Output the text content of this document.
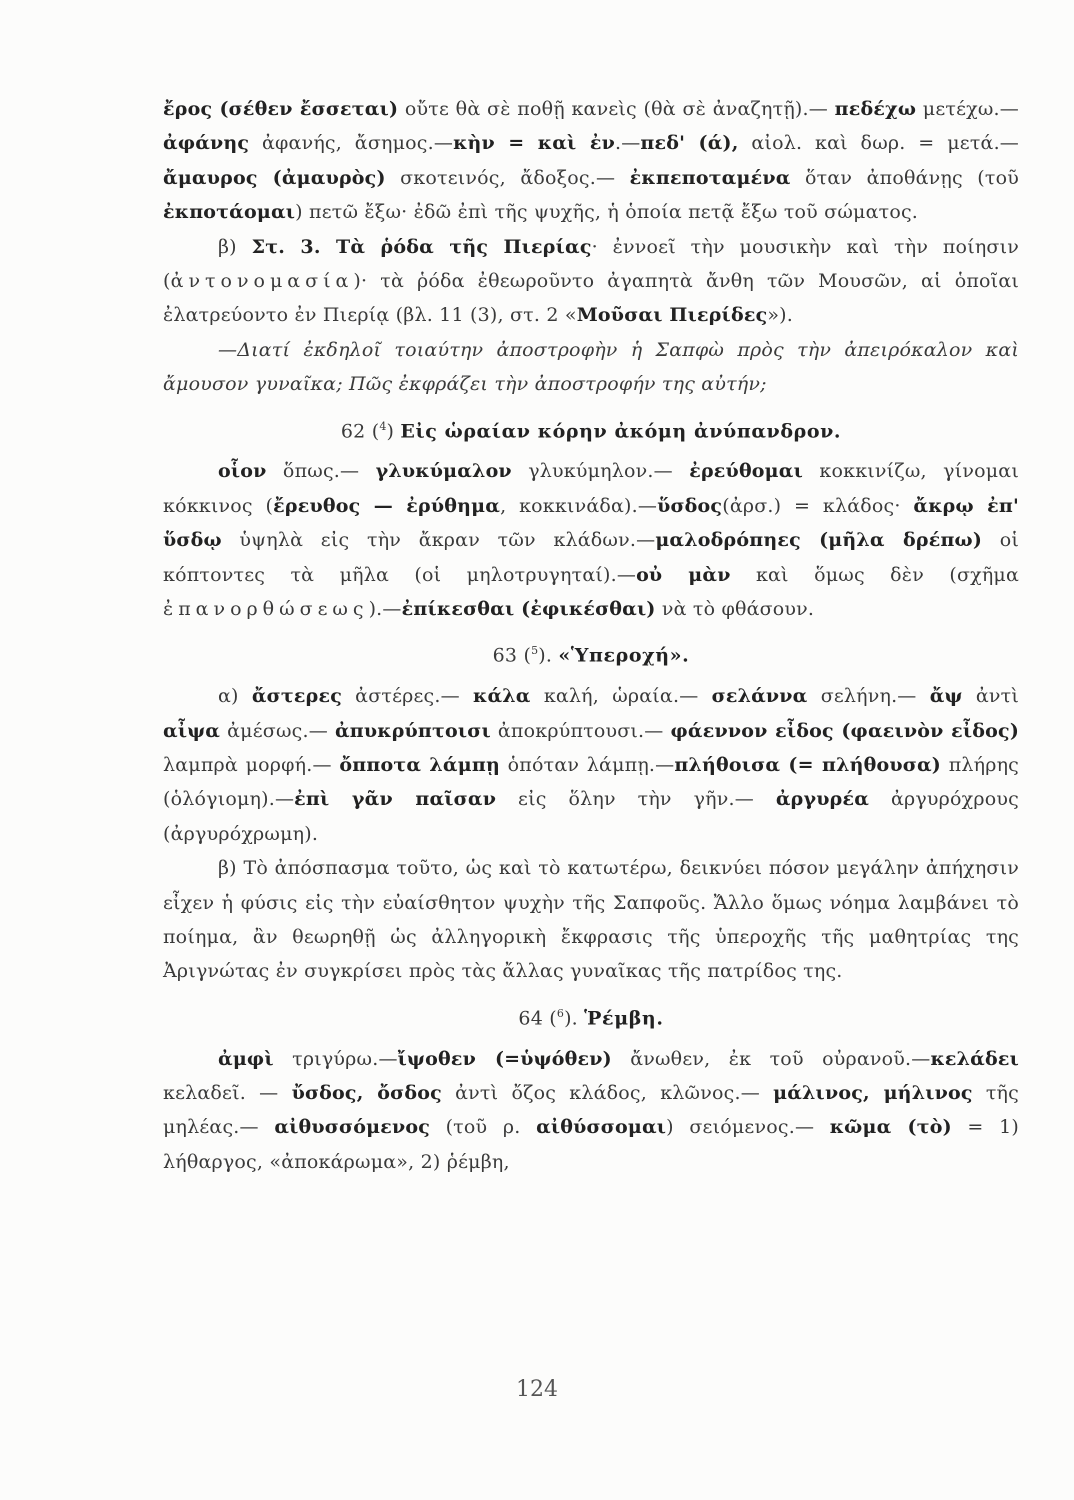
ἔρος (σέθεν ἔσσεται) οὔτε θὰ σὲ ποθῇ κανεὶς (θὰ σὲ ἀναζητῇ).— πεδέχω μετέχω.—ἀφάνης ἀφανής, ἄσημος.—κὴν = καὶ ἐν.—πεδ' (ά), αἰολ. καὶ δωρ. = μετά.— ἄμαυρος (ἀμαυρὸς) σκοτεινός, ἄδοξος.— ἐκπεποταμένα ὅταν ἀποθάνῃς (τοῦ ἐκποτάομαι) πετῶ ἔξω· ἐδῶ ἐπὶ τῆς ψυχῆς, ἡ ὁποία πετᾷ ἔξω τοῦ σώματος.

β) Στ. 3. Τὰ ῥόδα τῆς Πιερίας· ἐννοεῖ τὴν μουσικὴν καὶ τὴν ποίησιν (ἀντονομασία)· τὰ ῥόδα ἐθεωροῦντο ἀγαπητὰ ἄνθη τῶν Μουσῶν, αἱ ὁποῖαι ἐλατρεύοντο ἐν Πιερίᾳ (βλ. 11 (3), στ. 2 «Μοῦσαι Πιερίδες»).

—Διατί ἐκδηλοῖ τοιαύτην ἀποστροφὴν ἡ Σαπφὼ πρὸς τὴν ἀπειρόκαλον καὶ ἄμουσον γυναῖκα; Πῶς ἐκφράζει τὴν ἀποστροφήν της αὐτήν;

62 ($^4$) Εἰς ὡραίαν κόρην ἀκόμη ἀνύπανδρον.

οἷον ὅπως.— γλυκύμαλον γλυκύμηλον.— ἐρεύθομαι κοκκινίζω, γίνομαι κόκκινος (ἔρευθος — ἐρύθημα, κοκκινάδα).—ὕσδος(ἀρσ.) = κλάδος· ἄκρῳ ἐπ' ὕσδῳ ὑψηλὰ εἰς τὴν ἄκραν τῶν κλάδων.—μαλοδρόπηες (μῆλα δρέπω) οἱ κόπτοντες τὰ μῆλα (οἱ μηλοτρυγηταί).—οὐ μὰν καὶ ὅμως δὲν (σχῆμα ἐπανορθώσεως).—ἐπίκεσθαι (ἐφικέσθαι) νὰ τὸ φθάσουν.

63 ($^5$). «Ὑπεροχή».

α) ἄστερες ἀστέρες.— κάλα καλή, ὡραία.— σελάννα σελήνη.— ἄψ ἀντὶ αἶψα ἀμέσως.— ἀπυκρύπτοισι ἀποκρύπτουσι.— φάεννον εἶδος (φαεινὸν εἶδος) λαμπρὰ μορφή.— ὄπποτα λάμπῃ ὁπόταν λάμπῃ.—πλήθοισα (= πλήθουσα) πλήρης (ὁλόγιομη).—ἐπὶ γᾶν παῖσαν εἰς ὅλην τὴν γῆν.— ἀργυρέα ἀργυρόχρους (ἀργυρόχρωμη).

β) Τὸ ἀπόσπασμα τοῦτο, ὡς καὶ τὸ κατωτέρω, δεικνύει πόσον μεγάλην ἀπήχησιν εἶχεν ἡ φύσις εἰς τὴν εὐαίσθητον ψυχὴν τῆς Σαπφοῦς. Ἄλλο ὅμως νόημα λαμβάνει τὸ ποίημα, ἂν θεωρηθῇ ὡς ἀλληγορικὴ ἔκφρασις τῆς ὑπεροχῆς τῆς μαθητρίας της Ἀριγνώτας ἐν συγκρίσει πρὸς τὰς ἄλλας γυναῖκας τῆς πατρίδος της.

64 ($^6$). Ῥέμβη.

ἀμφὶ τριγύρω.—ἴψοθεν (=ὑψόθεν) ἄνωθεν, ἐκ τοῦ οὐρανοῦ.—κελάδει κελαδεῖ. — ὔσδος, ὄσδος ἀντὶ ὄζος κλάδος, κλῶνος.— μάλινος, μήλινος τῆς μηλέας.— αἰθυσσόμενος (τοῦ ρ. αἰθύσσομαι) σειόμενος.— κῶμα (τὸ) = 1) λήθαργος, «ἀποκάρωμα», 2) ῥέμβη,

124
